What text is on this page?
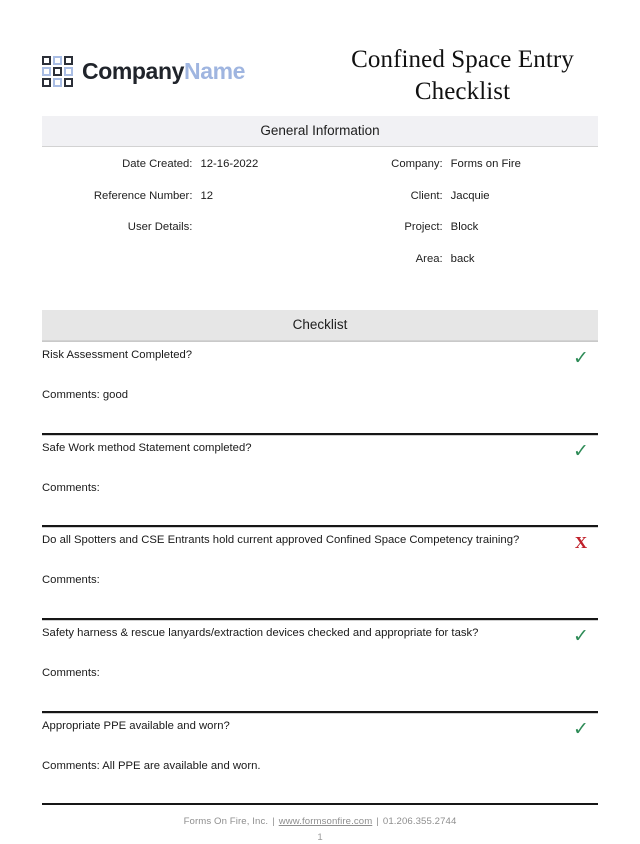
CompanyName	Confined Space Entry
Checklist
General Information
Date Created: 12-16-2022
Reference Number: 12
User Details:
Company: Forms on Fire
Client: Jacquie
Project: Block
Area: back
Checklist
Risk Assessment Completed?	✓
Comments: good
Safe Work method Statement completed?	✓
Comments:
Do all Spotters and CSE Entrants hold current approved Confined Space Competency training?	X
Comments:
Safety harness & rescue lanyards/extraction devices checked and appropriate for task?	✓
Comments:
Appropriate PPE available and worn?	✓
Comments: All PPE are available and worn.
Forms On Fire, Inc. | www.formsonfire.com | 01.206.355.2744
1
